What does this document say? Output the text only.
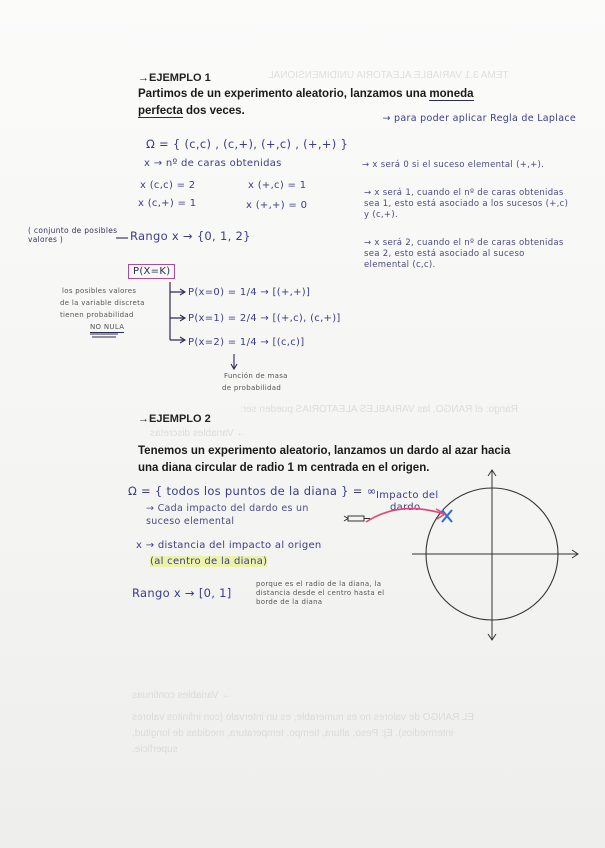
TEMA 3.1 VARIABLE ALEATORIA UNIDIMENSIONAL
Rango: el RANGO, las VARIABLES ALEATORIAS pueden ser:
→ Variables discretas
→ Variables continuas
EL RANGO de valores no es numerable, es un intervalo (con infinitos valores
intermedios). Ej: Peso, altura, tiempo, temperatura, medidas de longitud,
superficie.
→EJEMPLO 1
Partimos de un experimento aleatorio, lanzamos una moneda perfecta dos veces.
→ para poder aplicar Regla de Laplace
Ω = { (c,c) , (c,+), (+,c) , (+,+) }
x → nº de caras obtenidas
x (c,c) = 2	x (+,c) = 1
x (c,+) = 1	x (+,+) = 0
→ x será 0 si el suceso elemental (+,+).
→ x será 1, cuando el nº de caras obtenidas sea 1, esto está asociado a los sucesos (+,c) y (c,+).
→ x será 2, cuando el nº de caras obtenidas sea 2, esto está asociado al suceso elemental (c,c).
( conjunto de posibles valores )	Rango x → {0, 1, 2}
P(X=K)
los posibles valores
de la variable discreta
tienen probabilidad
NO NULA
P(x=0) = 1/4 → [(+,+)]
P(x=1) = 2/4 → [(+,c), (c,+)]
P(x=2) = 1/4 → [(c,c)]
Función de masa
de probabilidad
→EJEMPLO 2
Tenemos un experimento aleatorio, lanzamos un dardo al azar hacia una diana circular de radio 1 m centrada en el origen.
Ω = { todos los puntos de la diana } = ∞ Impacto del
dardo
→ Cada impacto del dardo es un suceso elemental
x → distancia del impacto al origen
(al centro de la diana)
Rango x → [0, 1]
porque es el radio de la diana, la distancia desde el centro hasta el borde de la diana
